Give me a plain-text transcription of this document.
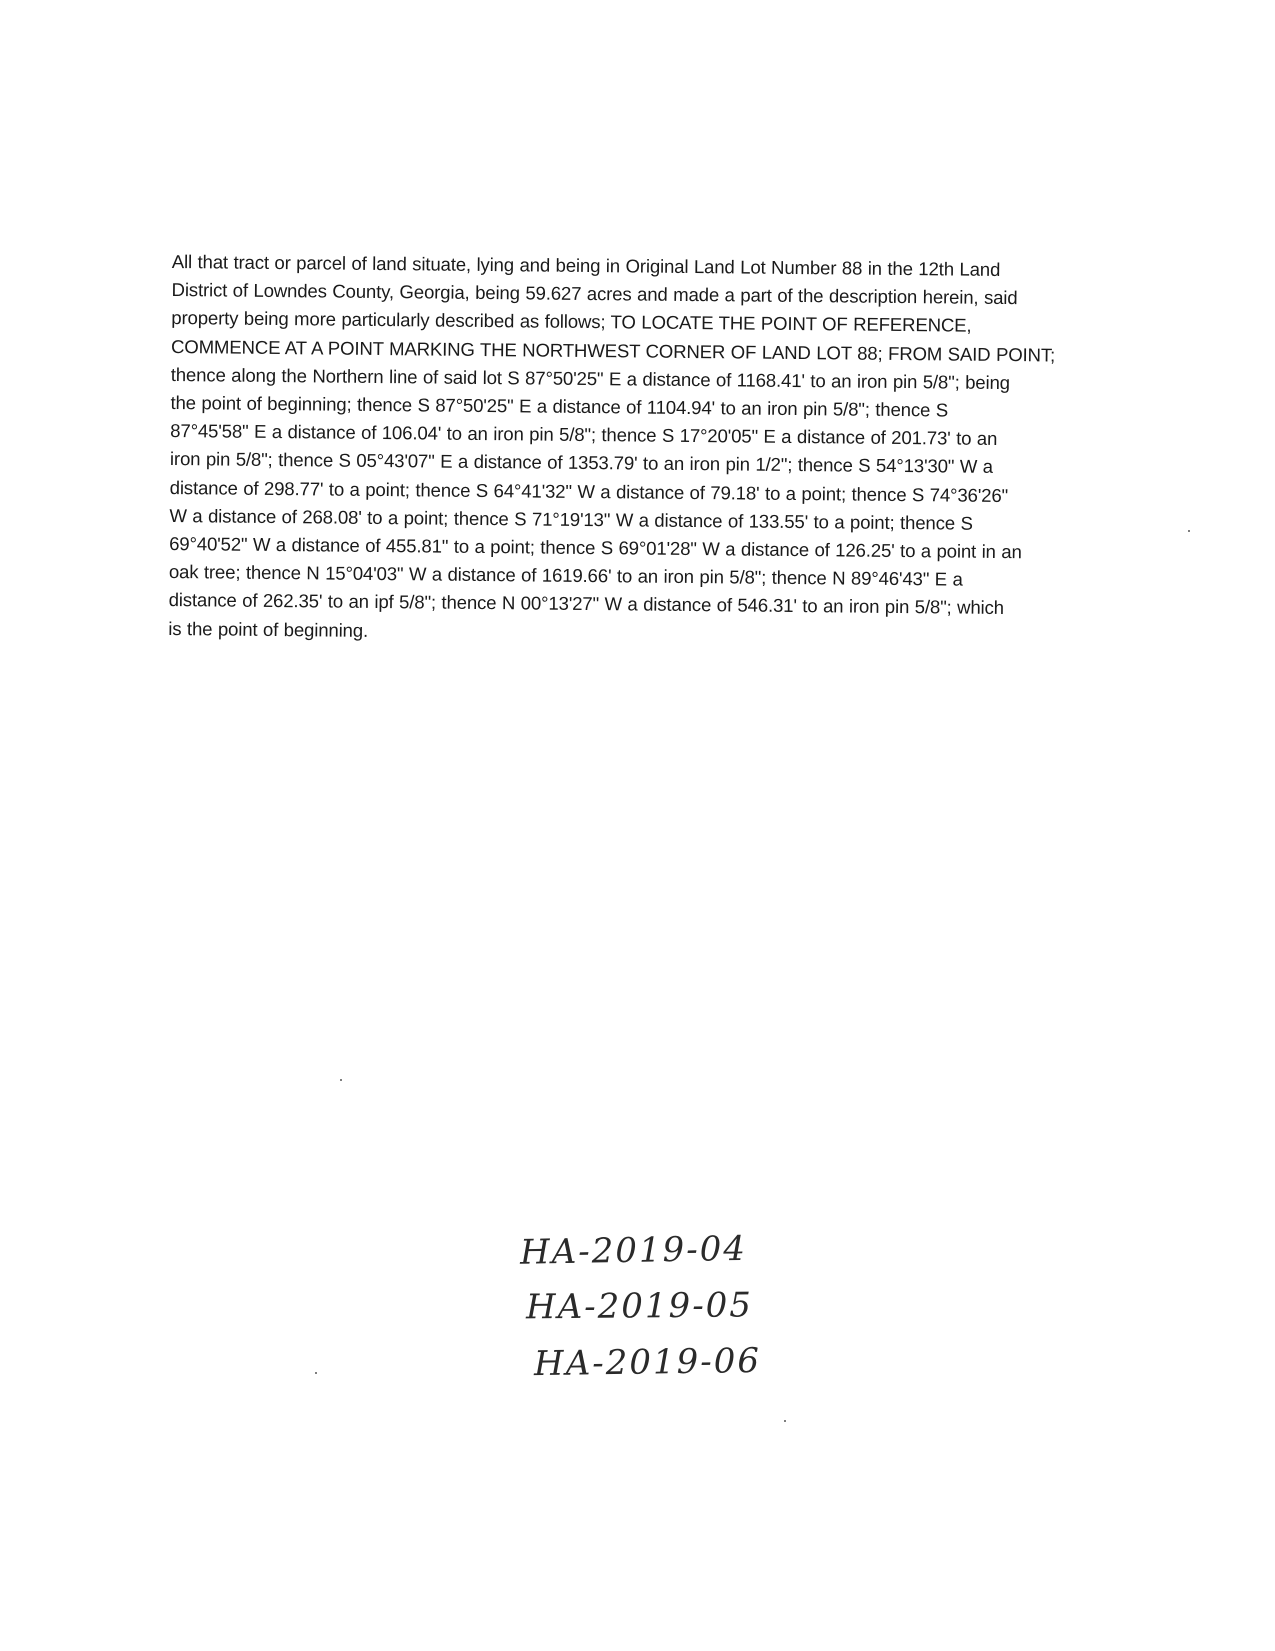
All that tract or parcel of land situate, lying and being in Original Land Lot Number 88 in the 12th Land
District of Lowndes County, Georgia, being 59.627 acres and made a part of the description herein, said
property being more particularly described as follows; TO LOCATE THE POINT OF REFERENCE,
COMMENCE AT A POINT MARKING THE NORTHWEST CORNER OF LAND LOT 88; FROM SAID POINT;
thence along the Northern line of said lot S 87°50'25" E a distance of 1168.41' to an iron pin 5/8"; being
the point of beginning; thence S 87°50'25" E a distance of 1104.94' to an iron pin 5/8"; thence S
87°45'58" E a distance of 106.04' to an iron pin 5/8"; thence S 17°20'05" E a distance of 201.73' to an
iron pin 5/8"; thence S 05°43'07" E a distance of 1353.79' to an iron pin 1/2"; thence S 54°13'30" W a
distance of 298.77' to a point; thence S 64°41'32" W a distance of 79.18' to a point; thence S 74°36'26"
W a distance of 268.08' to a point; thence S 71°19'13" W a distance of 133.55' to a point; thence S
69°40'52" W a distance of 455.81" to a point; thence S 69°01'28" W a distance of 126.25' to a point in an
oak tree; thence N 15°04'03" W a distance of 1619.66' to an iron pin 5/8"; thence N 89°46'43" E a
distance of 262.35' to an ipf 5/8"; thence N 00°13'27" W a distance of 546.31' to an iron pin 5/8"; which
is the point of beginning.

HA-2019-04
HA-2019-05
HA-2019-06
